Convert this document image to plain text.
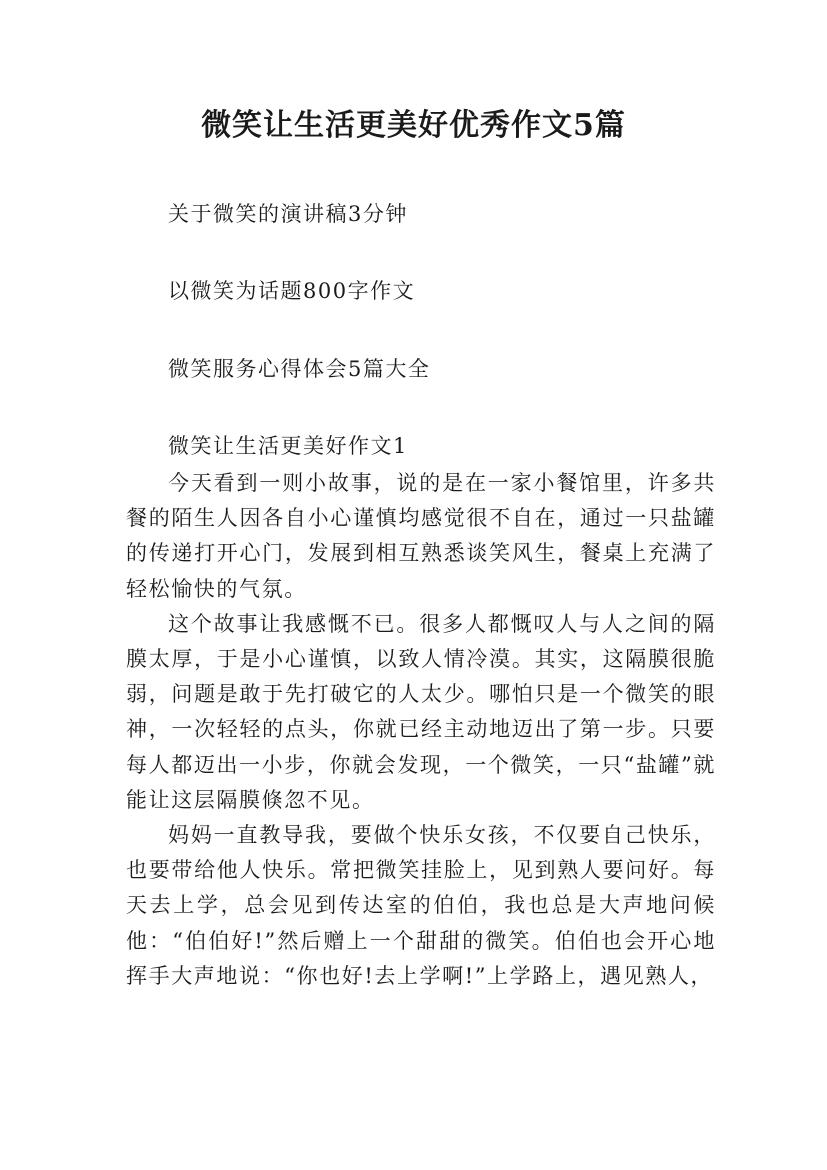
微笑让生活更美好优秀作文5篇
关于微笑的演讲稿3分钟
以微笑为话题800字作文
微笑服务心得体会5篇大全
微笑让生活更美好作文1

今天看到一则小故事，说的是在一家小餐馆里，许多共餐的陌生人因各自小心谨慎均感觉很不自在，通过一只盐罐的传递打开心门，发展到相互熟悉谈笑风生，餐桌上充满了轻松愉快的气氛。

这个故事让我感慨不已。很多人都慨叹人与人之间的隔膜太厚，于是小心谨慎，以致人情冷漠。其实，这隔膜很脆弱，问题是敢于先打破它的人太少。哪怕只是一个微笑的眼神，一次轻轻的点头，你就已经主动地迈出了第一步。只要每人都迈出一小步，你就会发现，一个微笑，一只“盐罐”就能让这层隔膜倏忽不见。

妈妈一直教导我，要做个快乐女孩，不仅要自己快乐，也要带给他人快乐。常把微笑挂脸上，见到熟人要问好。每天去上学，总会见到传达室的伯伯，我也总是大声地问候他：“伯伯好!”然后赠上一个甜甜的微笑。伯伯也会开心地挥手大声地说：“你也好!去上学啊!”上学路上，遇见熟人，
